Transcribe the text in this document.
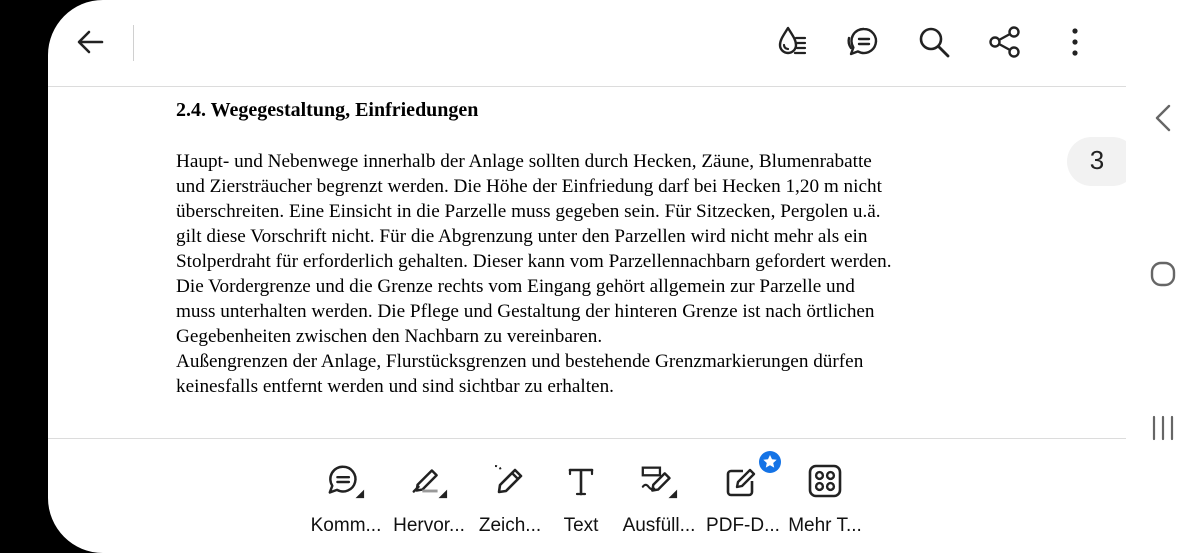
2.4. Wegegestaltung, Einfriedungen
Haupt- und Nebenwege innerhalb der Anlage sollten durch Hecken, Zäune, Blumenrabatte
und Ziersträucher begrenzt werden. Die Höhe der Einfriedung darf bei Hecken 1,20 m nicht
überschreiten. Eine Einsicht in die Parzelle muss gegeben sein. Für Sitzecken, Pergolen u.ä.
gilt diese Vorschrift nicht. Für die Abgrenzung unter den Parzellen wird nicht mehr als ein
Stolperdraht für erforderlich gehalten. Dieser kann vom Parzellennachbarn gefordert werden.
Die Vordergrenze und die Grenze rechts vom Eingang gehört allgemein zur Parzelle und
muss unterhalten werden. Die Pflege und Gestaltung der hinteren Grenze ist nach örtlichen
Gegebenheiten zwischen den Nachbarn zu vereinbaren.
Außengrenzen der Anlage, Flurstücksgrenzen und bestehende Grenzmarkierungen dürfen
keinesfalls entfernt werden und sind sichtbar zu erhalten.
Komm... Hervor... Zeich...	Text	Ausfüll... PDF-D... Mehr T...
3
